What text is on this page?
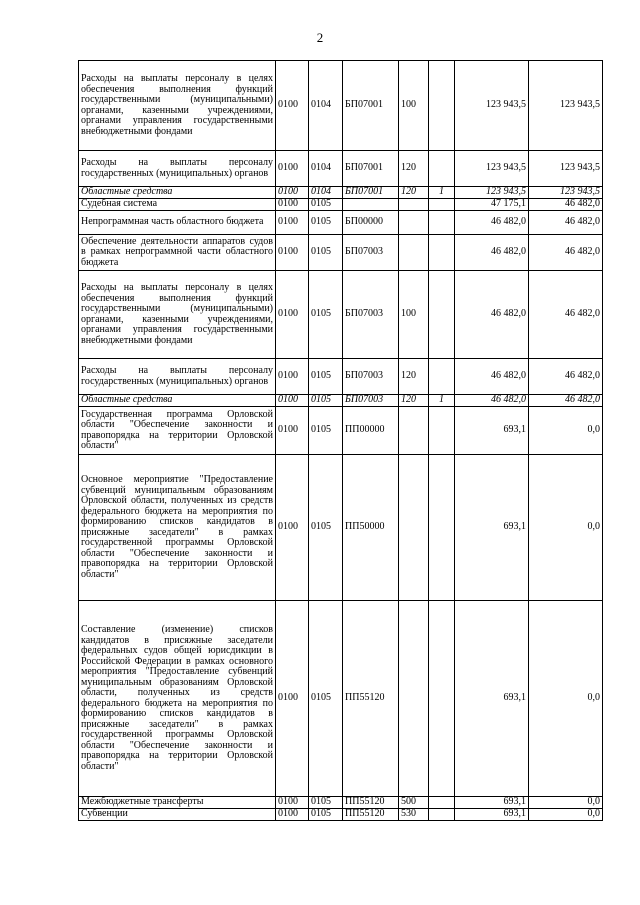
2
Расходы на выплаты персоналу в целях обеспечения выполнения функций государственными (муниципальными) органами, казенными учреждениями, органами управления государственными внебюджетными фондами	0100	0104	БП07001	100		123 943,5	123 943,5
Расходы на выплаты персоналу государственных (муниципальных) органов	0100	0104	БП07001	120		123 943,5	123 943,5
Областные средства	0100	0104	БП07001	120	1	123 943,5	123 943,5
Судебная система	0100	0105				47 175,1	46 482,0
Непрограммная часть областного бюджета	0100	0105	БП00000			46 482,0	46 482,0
Обеспечение деятельности аппаратов судов в рамках непрограммной части областного бюджета	0100	0105	БП07003			46 482,0	46 482,0
Расходы на выплаты персоналу в целях обеспечения выполнения функций государственными (муниципальными) органами, казенными учреждениями, органами управления государственными внебюджетными фондами	0100	0105	БП07003	100		46 482,0	46 482,0
Расходы на выплаты персоналу государственных (муниципальных) органов	0100	0105	БП07003	120		46 482,0	46 482,0
Областные средства	0100	0105	БП07003	120	1	46 482,0	46 482,0
Государственная программа Орловской области "Обеспечение законности и правопорядка на территории Орловской области"	0100	0105	ПП00000			693,1	0,0
Основное мероприятие "Предоставление субвенций муниципальным образованиям Орловской области, полученных из средств федерального бюджета на мероприятия по формированию списков кандидатов в присяжные заседатели" в рамках государственной программы Орловской области "Обеспечение законности и правопорядка на территории Орловской области"	0100	0105	ПП50000			693,1	0,0
Составление (изменение) списков кандидатов в присяжные заседатели федеральных судов общей юрисдикции в Российской Федерации в рамках основного мероприятия "Предоставление субвенций муниципальным образованиям Орловской области, полученных из средств федерального бюджета на мероприятия по формированию списков кандидатов в присяжные заседатели" в рамках государственной программы Орловской области "Обеспечение законности и правопорядка на территории Орловской области"	0100	0105	ПП55120			693,1	0,0
Межбюджетные трансферты	0100	0105	ПП55120	500		693,1	0,0
Субвенции	0100	0105	ПП55120	530		693,1	0,0
